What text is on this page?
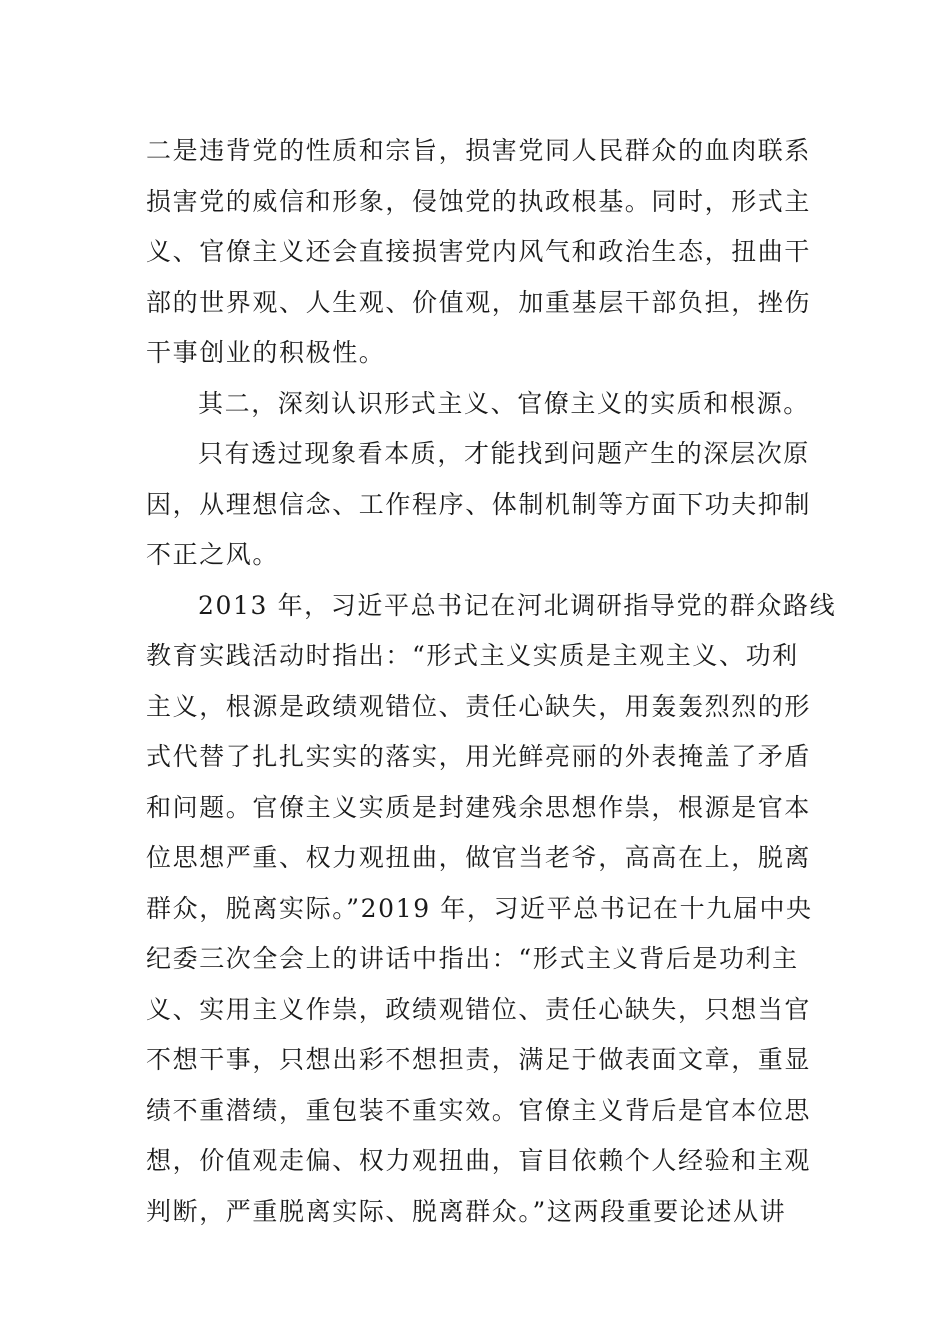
二是违背党的性质和宗旨，损害党同人民群众的血肉联系
损害党的威信和形象，侵蚀党的执政根基。同时，形式主
义、官僚主义还会直接损害党内风气和政治生态，扭曲干
部的世界观、人生观、价值观，加重基层干部负担，挫伤
干事创业的积极性。
其二，深刻认识形式主义、官僚主义的实质和根源。
只有透过现象看本质，才能找到问题产生的深层次原
因，从理想信念、工作程序、体制机制等方面下功夫抑制
不正之风。
2013 年，习近平总书记在河北调研指导党的群众路线
教育实践活动时指出：“形式主义实质是主观主义、功利
主义，根源是政绩观错位、责任心缺失，用轰轰烈烈的形
式代替了扎扎实实的落实，用光鲜亮丽的外表掩盖了矛盾
和问题。官僚主义实质是封建残余思想作祟，根源是官本
位思想严重、权力观扭曲，做官当老爷，高高在上，脱离
群众，脱离实际。”2019 年，习近平总书记在十九届中央
纪委三次全会上的讲话中指出：“形式主义背后是功利主
义、实用主义作祟，政绩观错位、责任心缺失，只想当官
不想干事，只想出彩不想担责，满足于做表面文章，重显
绩不重潜绩，重包装不重实效。官僚主义背后是官本位思
想，价值观走偏、权力观扭曲，盲目依赖个人经验和主观
判断，严重脱离实际、脱离群众。”这两段重要论述从讲
